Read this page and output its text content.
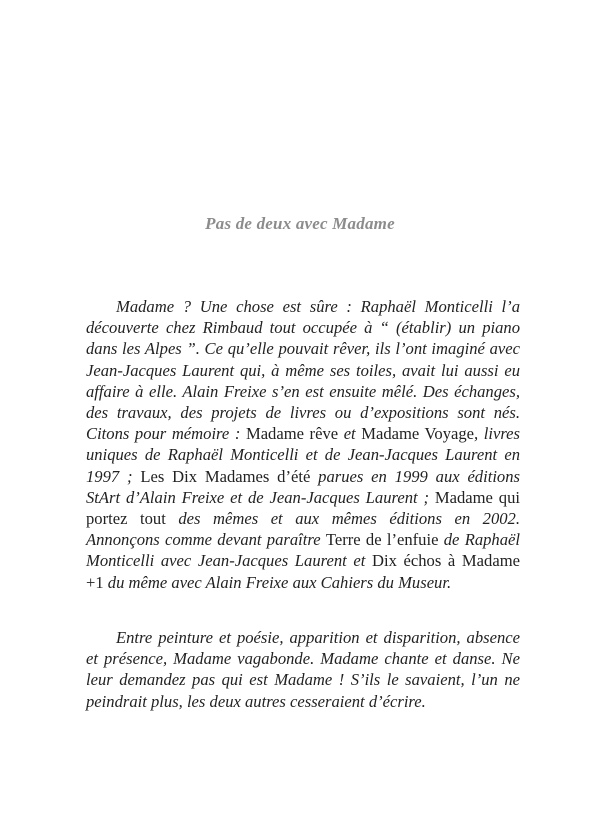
Pas de deux avec Madame

Madame ? Une chose est sûre : Raphaël Monticelli l’a découverte chez Rimbaud tout occupée à “ (établir) un piano dans les Alpes ”. Ce qu’elle pouvait rêver, ils l’ont imaginé avec Jean-Jacques Laurent qui, à même ses toiles, avait lui aussi eu affaire à elle. Alain Freixe s’en est ensuite mêlé. Des échanges, des travaux, des projets de livres ou d’expositions sont nés. Citons pour mémoire : Madame rêve et Madame Voyage, livres uniques de Raphaël Monticelli et de Jean-Jacques Laurent en 1997 ; Les Dix Madames d’été parues en 1999 aux éditions StArt d’Alain Freixe et de Jean-Jacques Laurent ; Madame qui portez tout des mêmes et aux mêmes éditions en 2002. Annonçons comme devant paraître Terre de l’enfuie de Raphaël Monticelli avec Jean-Jacques Laurent et Dix échos à Madame +1 du même avec Alain Freixe aux Cahiers du Museur.

Entre peinture et poésie, apparition et disparition, absence et présence, Madame vagabonde. Madame chante et danse. Ne leur demandez pas qui est Madame ! S’ils le savaient, l’un ne peindrait plus, les deux autres cesseraient d’écrire.
